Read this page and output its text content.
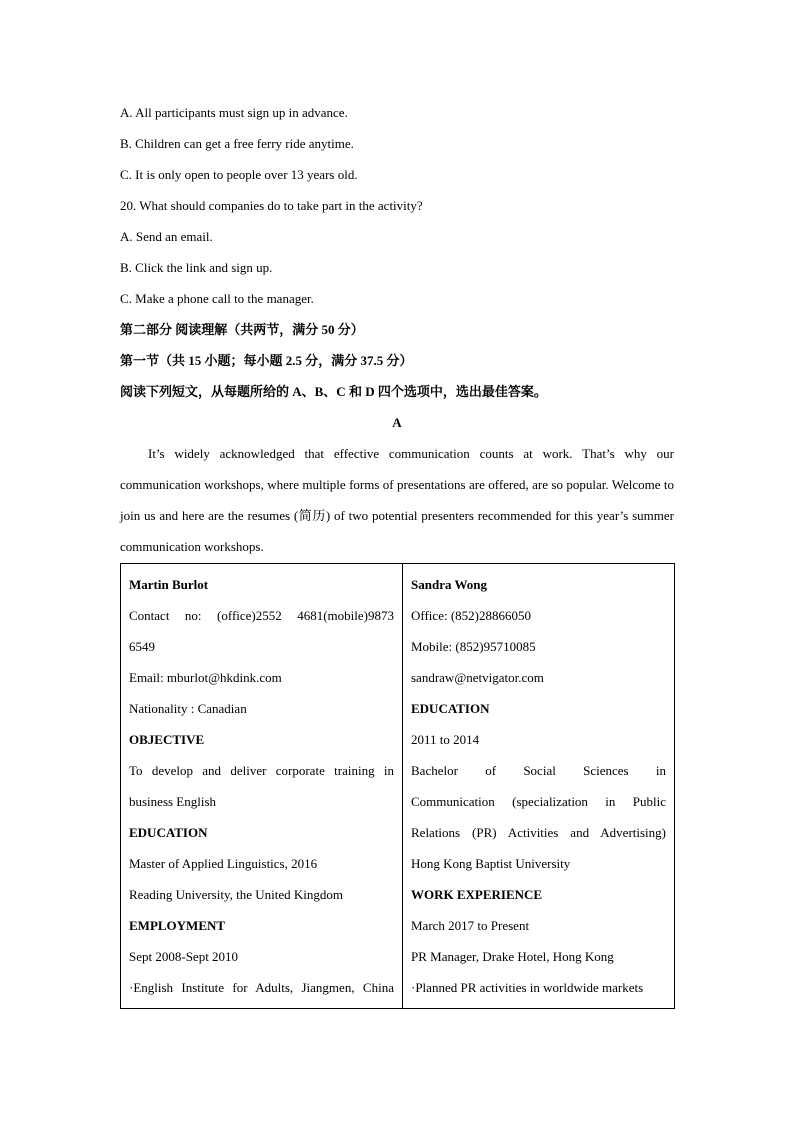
A. All participants must sign up in advance.
B. Children can get a free ferry ride anytime.
C. It is only open to people over 13 years old.
20. What should companies do to take part in the activity?
A. Send an email.
B. Click the link and sign up.
C. Make a phone call to the manager.
第二部分 阅读理解（共两节，满分 50 分）
第一节（共 15 小题；每小题 2.5 分，满分 37.5 分）
阅读下列短文，从每题所给的 A、B、C 和 D 四个选项中，选出最佳答案。
A

It’s widely acknowledged that effective communication counts at work. That’s why our communication workshops, where multiple forms of presentations are offered, are so popular. Welcome to join us and here are the resumes (简历) of two potential presenters recommended for this year’s summer communication workshops.

Martin Burlot
Contact no: (office)2552 4681(mobile)9873
6549
Email: mburlot@hkdink.com
Nationality : Canadian
OBJECTIVE
To develop and deliver corporate training in
business English
EDUCATION
Master of Applied Linguistics, 2016
Reading University, the United Kingdom
EMPLOYMENT
Sept 2008-Sept 2010
·English Institute for Adults, Jiangmen, China

Sandra Wong
Office: (852)28866050
Mobile: (852)95710085
sandraw@netvigator.com
EDUCATION
2011 to 2014
Bachelor of Social Sciences in
Communication (specialization in Public
Relations (PR) Activities and Advertising)
Hong Kong Baptist University
WORK EXPERIENCE
March 2017 to Present
PR Manager, Drake Hotel, Hong Kong
·Planned PR activities in worldwide markets
